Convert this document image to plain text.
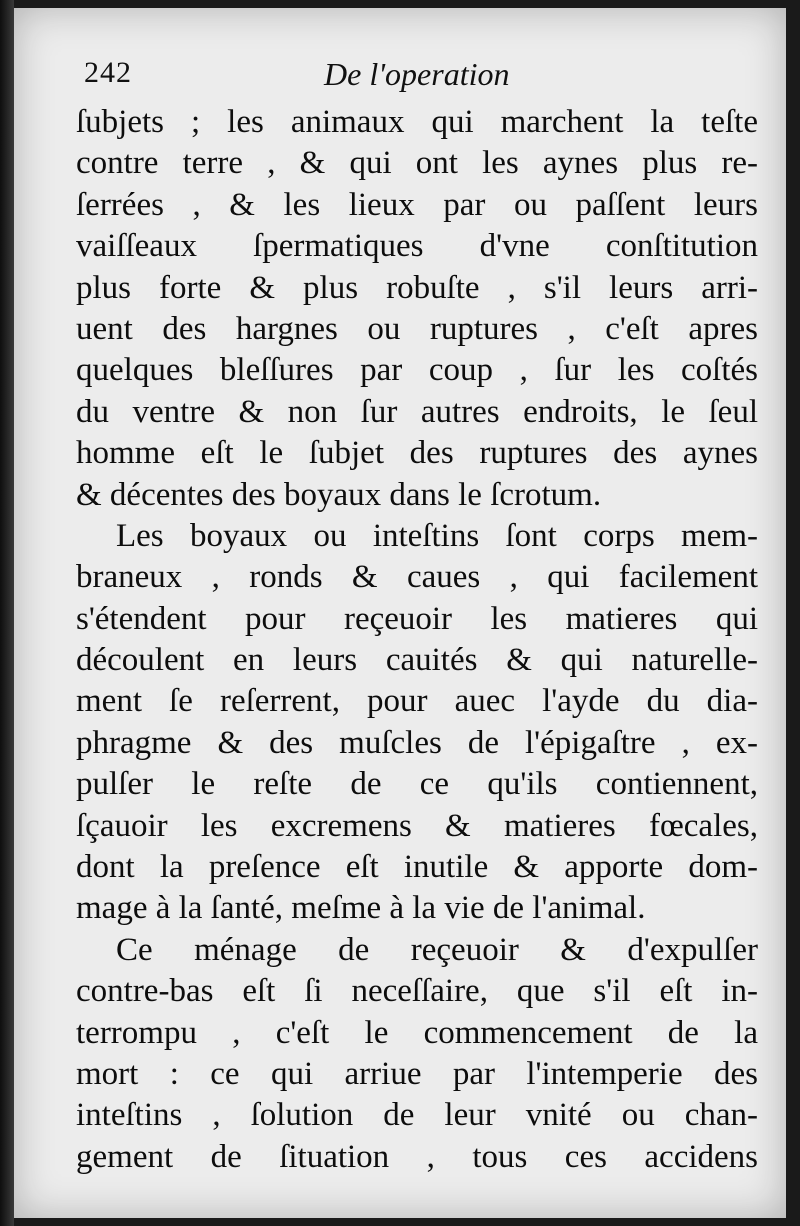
242	De l'operation
ſubjets ; les animaux qui marchent la teſte
contre terre , & qui ont les aynes plus re-
ſerrées , & les lieux par ou paſſent leurs
vaiſſeaux ſpermatiques d'vne conſtitution
plus forte & plus robuſte , s'il leurs arri-
uent des hargnes ou ruptures , c'eſt apres
quelques bleſſures par coup , ſur les coſtés
du ventre & non ſur autres endroits, le ſeul
homme eſt le ſubjet des ruptures des aynes
& décentes des boyaux dans le ſcrotum.
Les boyaux ou inteſtins ſont corps mem-
braneux , ronds & caues , qui facilement
s'étendent pour reçeuoir les matieres qui
découlent en leurs cauités & qui naturelle-
ment ſe reſerrent, pour auec l'ayde du dia-
phragme & des muſcles de l'épigaſtre , ex-
pulſer le reſte de ce qu'ils contiennent,
ſçauoir les excremens & matieres fœcales,
dont la preſence eſt inutile & apporte dom-
mage à la ſanté, meſme à la vie de l'animal.
Ce ménage de reçeuoir & d'expulſer
contre-bas eſt ſi neceſſaire, que s'il eſt in-
terrompu , c'eſt le commencement de la
mort : ce qui arriue par l'intemperie des
inteſtins , ſolution de leur vnité ou chan-
gement de ſituation , tous ces accidens
